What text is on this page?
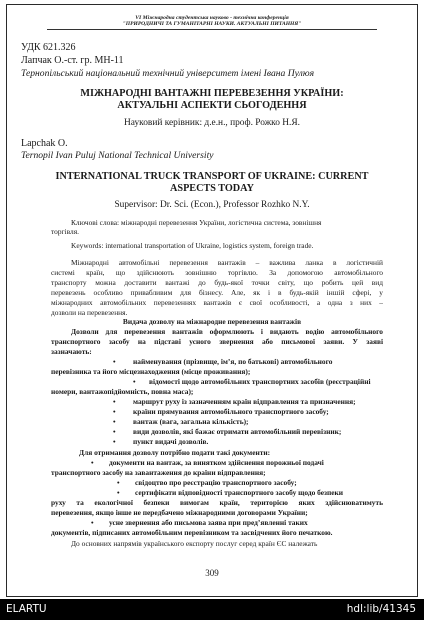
VI Міжнародна студентська науково - технічна конференція
"ПРИРОДНИЧІ ТА ГУМАНІТАРНІ НАУКИ. АКТУАЛЬНІ ПИТАННЯ"
УДК 621.326
Лапчак О.-ст. гр. МН-11
Тернопільський національний технічний університет імені Івана Пулюя
МІЖНАРОДНІ ВАНТАЖНІ ПЕРЕВЕЗЕННЯ УКРАЇНИ:
АКТУАЛЬНІ АСПЕКТИ СЬОГОДЕННЯ
Науковий керівник: д.е.н., проф. Рожко Н.Я.
Lapchak O.
Ternopil Ivan Puluj National Technical University
INTERNATIONAL TRUCK TRANSPORT OF UKRAINE: CURRENT
ASPECTS TODAY
Supervisor: Dr. Sci. (Econ.), Professor Rozhko N.Y.
Ключові слова: міжнародні перевезення України, логістична система, зовнішня
торгівля.
Keywords: international transportation of Ukraine, logistics system, foreign trade.
Міжнародні автомобільні перевезення вантажів – важлива ланка в логістичній
системі країн, що здійснюють зовнішню торгівлю. За допомогою автомобільного
транспорту можна доставити вантажі до будь-якої точки світу, що робить цей вид
перевезень особливо привабливим для бізнесу. Але, як і в будь-якій іншій сфері, у
міжнародних автомобільних перевезеннях вантажів є свої особливості, а одна з них –
дозволи на перевезення.
Видача дозволу на міжнародне перевезення вантажів
Дозволи для перевезення вантажів оформлюють і видають водію автомобільного
транспортного засобу на підставі усного звернення або письмової заяви. У заяві
зазначають:
• найменування (прізвище, ім’я, по батькові) автомобільного
перевізника та його місцезнаходження (місце проживання);
• відомості щодо автомобільних транспортних засобів (реєстраційні
номери, вантажопідйомність, повна маса);
• маршрут руху із зазначенням країн відправлення та призначення;
• країни прямування автомобільного транспортного засобу;
• вантаж (вага, загальна кількість);
• види дозволів, які бажає отримати автомобільний перевізник;
• пункт видачі дозволів.
Для отримання дозволу потрібно подати такі документи:
• документи на вантаж, за винятком здійснення порожньої подачі
транспортного засобу на завантаження до країни відправлення;
• свідоцтво про реєстрацію транспортного засобу;
• сертифікати відповідності транспортного засобу щодо безпеки
руху та екологічної безпеки вимогам країн, територією яких здійснюватимуть
перевезення, якщо інше не передбачено міжнародними договорами України;
• усне звернення або письмова заява при пред’явленні таких
документів, підписаних автомобільним перевізником та засвідчених його печаткою.
До основних напрямів українського експорту послуг серед країн ЄС належать
309
ELARTU	hdl:lib/41345
